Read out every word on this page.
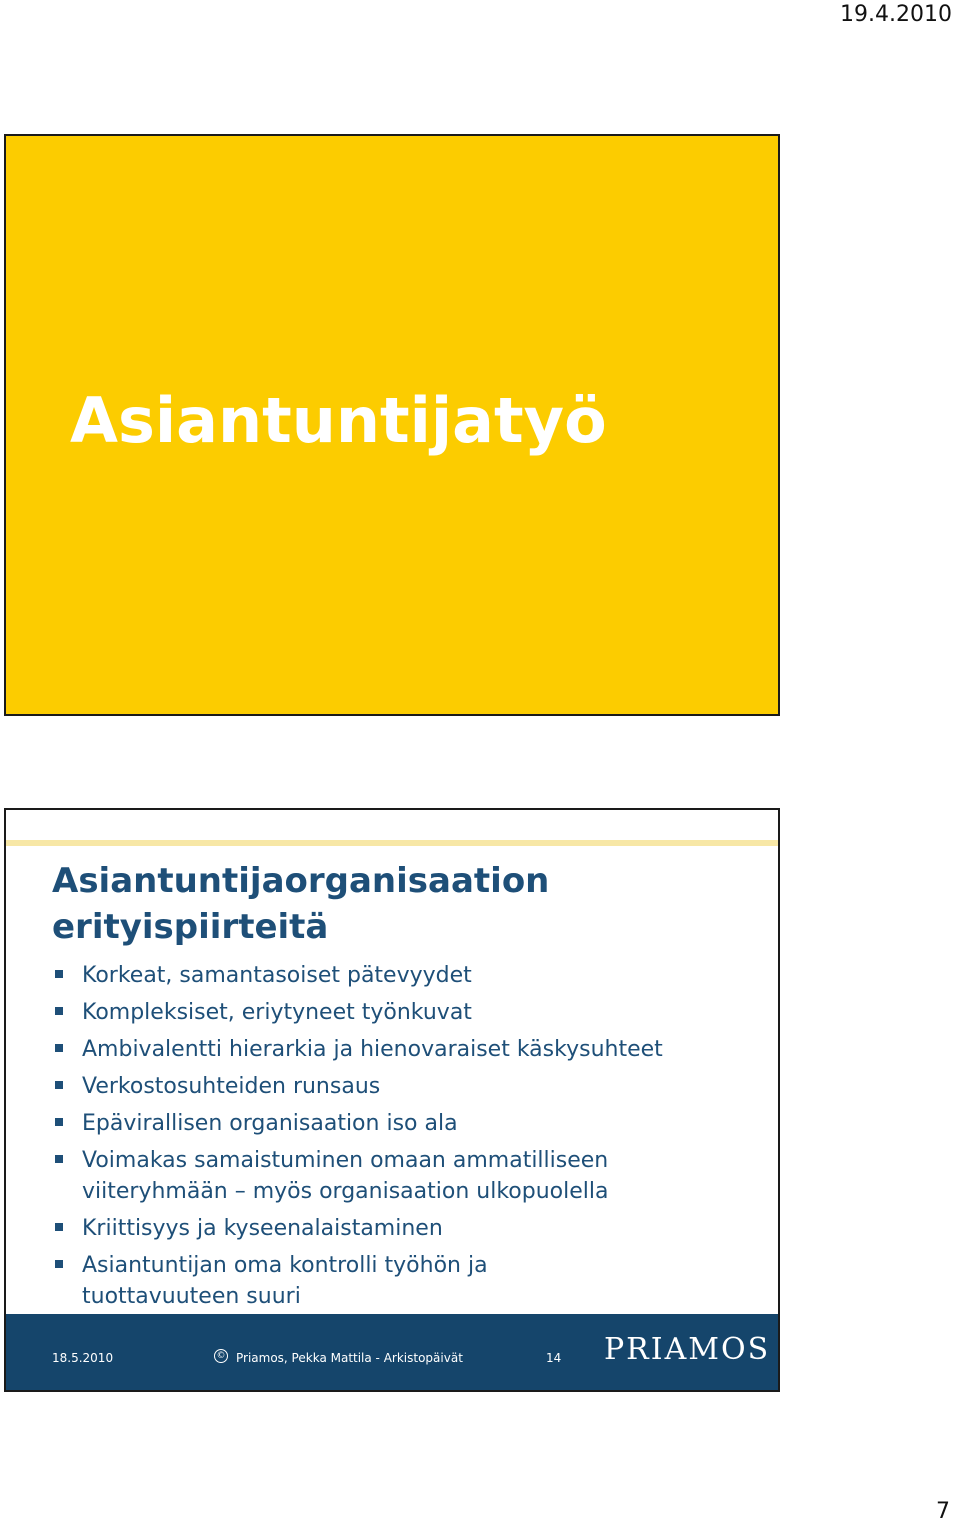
19.4.2010
Asiantuntijatyö
Asiantuntijaorganisaation
erityispiirteitä
Korkeat, samantasoiset pätevyydet
Kompleksiset, eriytyneet työnkuvat
Ambivalentti hierarkia ja hienovaraiset käskysuhteet
Verkostosuhteiden runsaus
Epävirallisen organisaation iso ala
Voimakas samaistuminen omaan ammatilliseen
viiteryhmään – myös organisaation ulkopuolella
Kriittisyys ja kyseenalaistaminen
Asiantuntijan oma kontrolli työhön ja
tuottavuuteen suuri
18.5.2010	© Priamos, Pekka Mattila - Arkistopäivät	14 PRIAMOS
7
